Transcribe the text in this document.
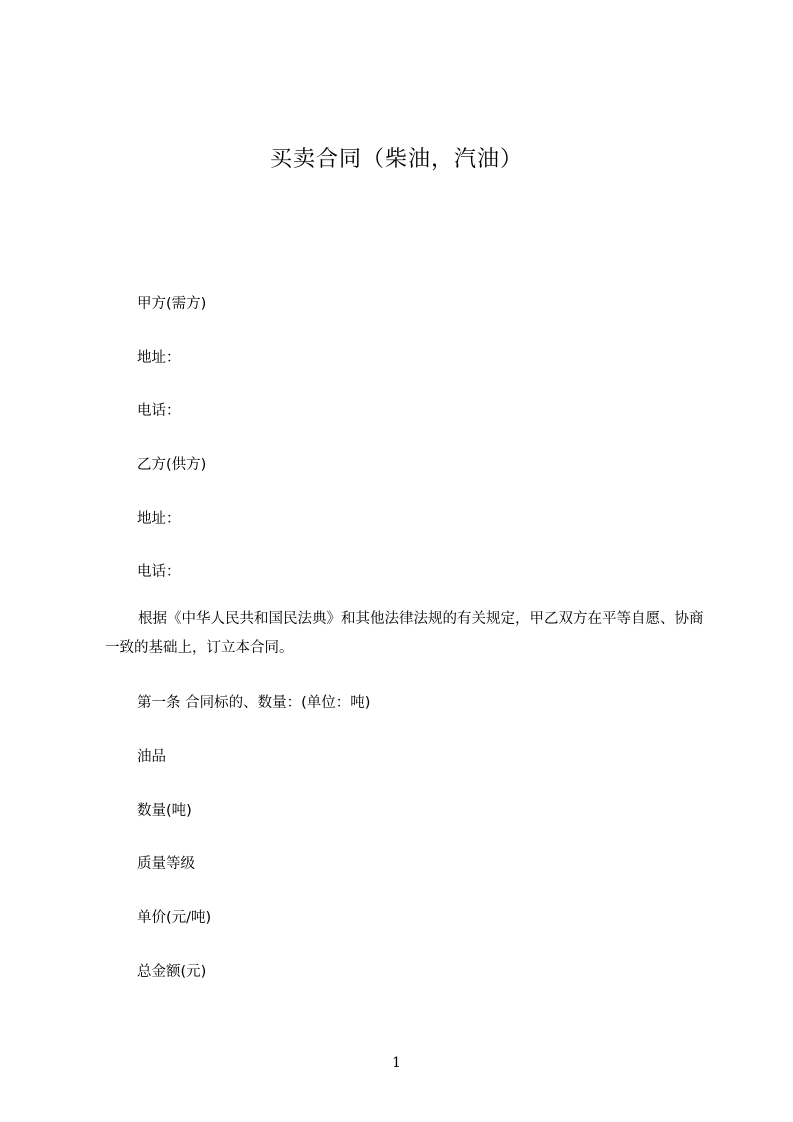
买卖合同（柴油，汽油）
甲方(需方)
地址：
电话：
乙方(供方)
地址：
电话：
根据《中华人民共和国民法典》和其他法律法规的有关规定，甲乙双方在平等自愿、协商一致的基础上，订立本合同。
第一条 合同标的、数量：(单位：吨)
油品
数量(吨)
质量等级
单价(元/吨)
总金额(元)
1
